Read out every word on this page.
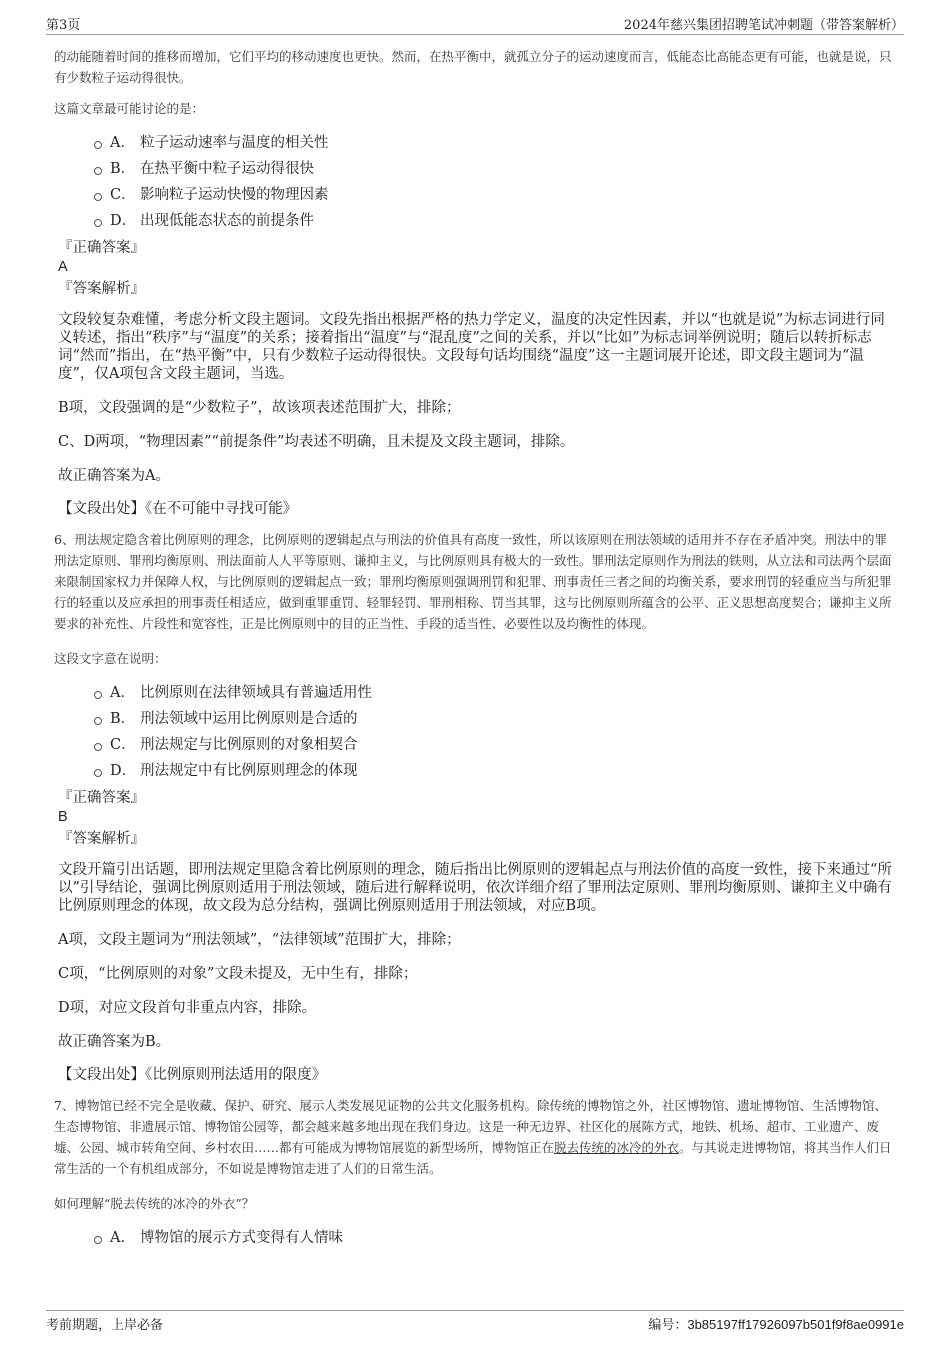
第3页	2024年慈兴集团招聘笔试冲刺题（带答案解析）

的动能随着时间的推移而增加，它们平均的移动速度也更快。然而，在热平衡中，就孤立分子的运动速度而言，低能态比高能态更有可能，也就是说，只有少数粒子运动得很快。

这篇文章最可能讨论的是：

A． 粒子运动速率与温度的相关性
B． 在热平衡中粒子运动得很快
C． 影响粒子运动快慢的物理因素
D． 出现低能态状态的前提条件

『正确答案』

A

『答案解析』

文段较复杂难懂，考虑分析文段主题词。文段先指出根据严格的热力学定义，温度的决定性因素，并以“也就是说”为标志词进行同义转述，指出“秩序”与“温度”的关系；接着指出“温度”与“混乱度”之间的关系，并以“比如”为标志词举例说明；随后以转折标志词“然而”指出，在“热平衡”中，只有少数粒子运动得很快。文段每句话均围绕“温度”这一主题词展开论述，即文段主题词为“温度”，仅A项包含文段主题词，当选。

B项，文段强调的是“少数粒子”，故该项表述范围扩大，排除；

C、D两项，“物理因素”“前提条件”均表述不明确，且未提及文段主题词，排除。

故正确答案为A。

【文段出处】《在不可能中寻找可能》

6、刑法规定隐含着比例原则的理念，比例原则的逻辑起点与刑法的价值具有高度一致性，所以该原则在刑法领域的适用并不存在矛盾冲突。刑法中的罪刑法定原则、罪刑均衡原则、刑法面前人人平等原则、谦抑主义，与比例原则具有极大的一致性。罪刑法定原则作为刑法的铁则，从立法和司法两个层面来限制国家权力并保障人权，与比例原则的逻辑起点一致；罪刑均衡原则强调刑罚和犯罪、刑事责任三者之间的均衡关系，要求刑罚的轻重应当与所犯罪行的轻重以及应承担的刑事责任相适应，做到重罪重罚、轻罪轻罚、罪刑相称、罚当其罪，这与比例原则所蕴含的公平、正义思想高度契合；谦抑主义所要求的补充性、片段性和宽容性，正是比例原则中的目的正当性、手段的适当性、必要性以及均衡性的体现。

这段文字意在说明：

A． 比例原则在法律领域具有普遍适用性
B． 刑法领域中运用比例原则是合适的
C． 刑法规定与比例原则的对象相契合
D． 刑法规定中有比例原则理念的体现

『正确答案』

B

『答案解析』

文段开篇引出话题，即刑法规定里隐含着比例原则的理念，随后指出比例原则的逻辑起点与刑法价值的高度一致性，接下来通过“所以”引导结论，强调比例原则适用于刑法领域，随后进行解释说明，依次详细介绍了罪刑法定原则、罪刑均衡原则、谦抑主义中确有比例原则理念的体现，故文段为总分结构，强调比例原则适用于刑法领域，对应B项。

A项，文段主题词为“刑法领域”，“法律领域”范围扩大，排除；

C项，“比例原则的对象”文段未提及，无中生有，排除；

D项，对应文段首句非重点内容，排除。

故正确答案为B。

【文段出处】《比例原则刑法适用的限度》

7、博物馆已经不完全是收藏、保护、研究、展示人类发展见证物的公共文化服务机构。除传统的博物馆之外，社区博物馆、遗址博物馆、生活博物馆、生态博物馆、非遗展示馆、博物馆公园等，都会越来越多地出现在我们身边。这是一种无边界、社区化的展陈方式，地铁、机场、超市、工业遗产、废墟、公园、城市转角空间、乡村农田……都有可能成为博物馆展览的新型场所，博物馆正在脱去传统的冰冷的外衣。与其说走进博物馆，将其当作人们日常生活的一个有机组成部分，不如说是博物馆走进了人们的日常生活。

如何理解“脱去传统的冰冷的外衣”？

A． 博物馆的展示方式变得有人情味
考前期题，上岸必备	编号：3b85197ff17926097b501f9f8ae0991e
